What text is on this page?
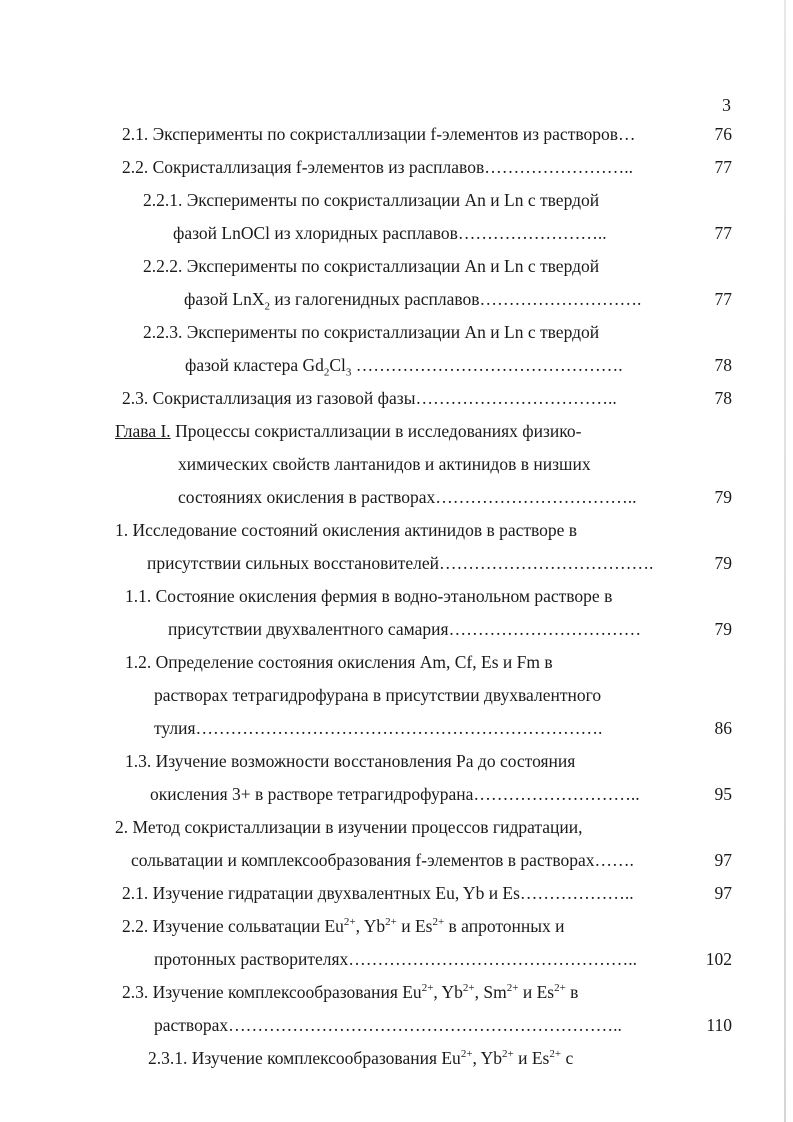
3
2.1. Эксперименты по сокристаллизации f-элементов из растворов…	76
2.2. Сокристаллизация f-элементов из расплавов……………………..	77
2.2.1. Эксперименты по сокристаллизации An и Ln с твердой
фазой LnOCl из хлоридных расплавов……………………..	77
2.2.2. Эксперименты по сокристаллизации An и Ln с твердой
фазой LnX$_2$ из галогенидных расплавов……………………….	77
2.2.3. Эксперименты по сокристаллизации An и Ln с твердой
фазой кластера $Gd_2Cl_3$ ……………………………………….	78
2.3. Сокристаллизация из газовой фазы……………………………..	78
Глава I. Процессы сокристаллизации в исследованиях физико-
химических свойств лантанидов и актинидов в низших
состояниях окисления в растворах……………………………..	79
1. Исследование состояний окисления актинидов в растворе в
присутствии сильных восстановителей……………………………….	79
1.1. Состояние окисления фермия в водно-этанольном растворе в
присутствии двухвалентного самария……………………………	79
1.2. Определение состояния окисления Am, Cf, Es и Fm в
растворах тетрагидрофурана в присутствии двухвалентного
тулия…………………………………………………………….	86
1.3. Изучение возможности восстановления Pa до состояния
окисления 3+ в растворе тетрагидрофурана………………………..	95
2. Метод сокристаллизации в изучении процессов гидратации,
сольватации и комплексообразования f-элементов в растворах…….	97
2.1. Изучение гидратации двухвалентных Eu, Yb и Es………………..	97
2.2. Изучение сольватации $Eu^{2+}$, $Yb^{2+}$ и $Es^{2+}$ в апротонных и
протонных растворителях…………………………………………..	102
2.3. Изучение комплексообразования $Eu^{2+}$, $Yb^{2+}$, $Sm^{2+}$ и $Es^{2+}$ в
растворах…………………………………………………………..	110
2.3.1. Изучение комплексообразования $Eu^{2+}$, $Yb^{2+}$ и $Es^{2+}$ с
